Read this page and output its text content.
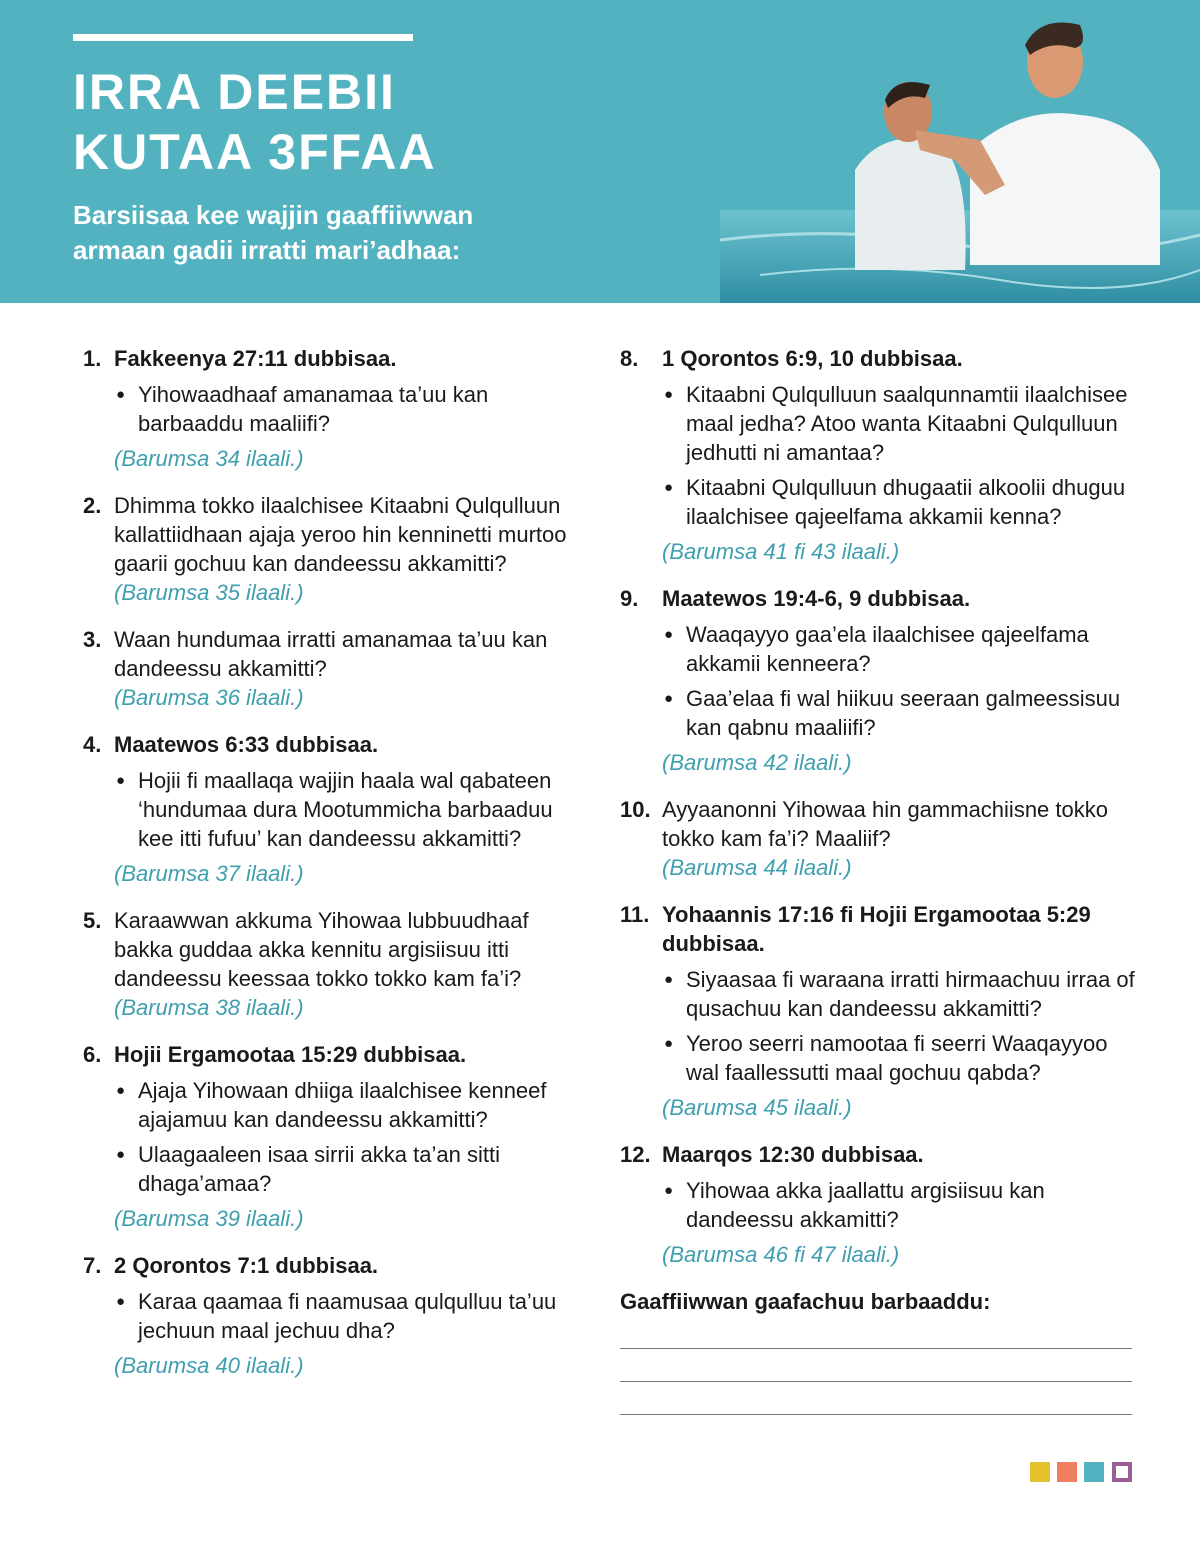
IRRA DEEBII
KUTAA 3FFAA
Barsiisaa kee wajjin gaaffiiwwan armaan gadii irratti mari’adhaa:
1. Fakkeenya 27:11 dubbisaa.
● Yihowaadhaaf amanamaa ta’uu kan barbaaddu maaliifi?
(Barumsa 34 ilaali.)
2. Dhimma tokko ilaalchisee Kitaabni Qulqulluun kallattiidhaan ajaja yeroo hin kenninetti murtoo gaarii gochuu kan dandeessu akkamitti?
(Barumsa 35 ilaali.)
3. Waan hundumaa irratti amanamaa ta’uu kan dandeessu akkamitti?
(Barumsa 36 ilaali.)
4. Maatewos 6:33 dubbisaa.
● Hojii fi maallaqa wajjin haala wal qabateen ‘hundumaa dura Mootummicha barbaaduu kee itti fufuu’ kan dandeessu akkamitti?
(Barumsa 37 ilaali.)
5. Karaawwan akkuma Yihowaa lubbuudhaaf bakka guddaa akka kennitu argisiisuu itti dandeessu keessaa tokko tokko kam fa’i?
(Barumsa 38 ilaali.)
6. Hojii Ergamootaa 15:29 dubbisaa.
● Ajaja Yihowaan dhiiga ilaalchisee kenneef ajajamuu kan dandeessu akkamitti?
● Ulaagaaleen isaa sirrii akka ta’an sitti dhaga’amaa?
(Barumsa 39 ilaali.)
7. 2 Qorontos 7:1 dubbisaa.
● Karaa qaamaa fi naamusaa qulqulluu ta’uu jechuun maal jechuu dha?
(Barumsa 40 ilaali.)
8. 1 Qorontos 6:9, 10 dubbisaa.
● Kitaabni Qulqulluun saalqunnamtii ilaalchisee maal jedha? Atoo wanta Kitaabni Qulqulluun jedhutti ni amantaa?
● Kitaabni Qulqulluun dhugaatii alkoolii dhuguu ilaalchisee qajeelfama akkamii kenna?
(Barumsa 41 fi 43 ilaali.)
9. Maatewos 19:4-6, 9 dubbisaa.
● Waaqayyo gaa’ela ilaalchisee qajeelfama akkamii kenneera?
● Gaa’elaa fi wal hiikuu seeraan galmeessisuu kan qabnu maaliifi?
(Barumsa 42 ilaali.)
10. Ayyaanonni Yihowaa hin gammachiisne tokko tokko kam fa’i? Maaliif?
(Barumsa 44 ilaali.)
11. Yohaannis 17:16 fi Hojii Ergamootaa 5:29 dubbisaa.
● Siyaasaa fi waraana irratti hirmaachuu irraa of qusachuu kan dandeessu akkamitti?
● Yeroo seerri namootaa fi seerri Waaqayyoo wal faallessutti maal gochuu qabda?
(Barumsa 45 ilaali.)
12. Maarqos 12:30 dubbisaa.
● Yihowaa akka jaallattu argisiisuu kan dandeessu akkamitti?
(Barumsa 46 fi 47 ilaali.)
Gaaffiiwwan gaafachuu barbaaddu:
